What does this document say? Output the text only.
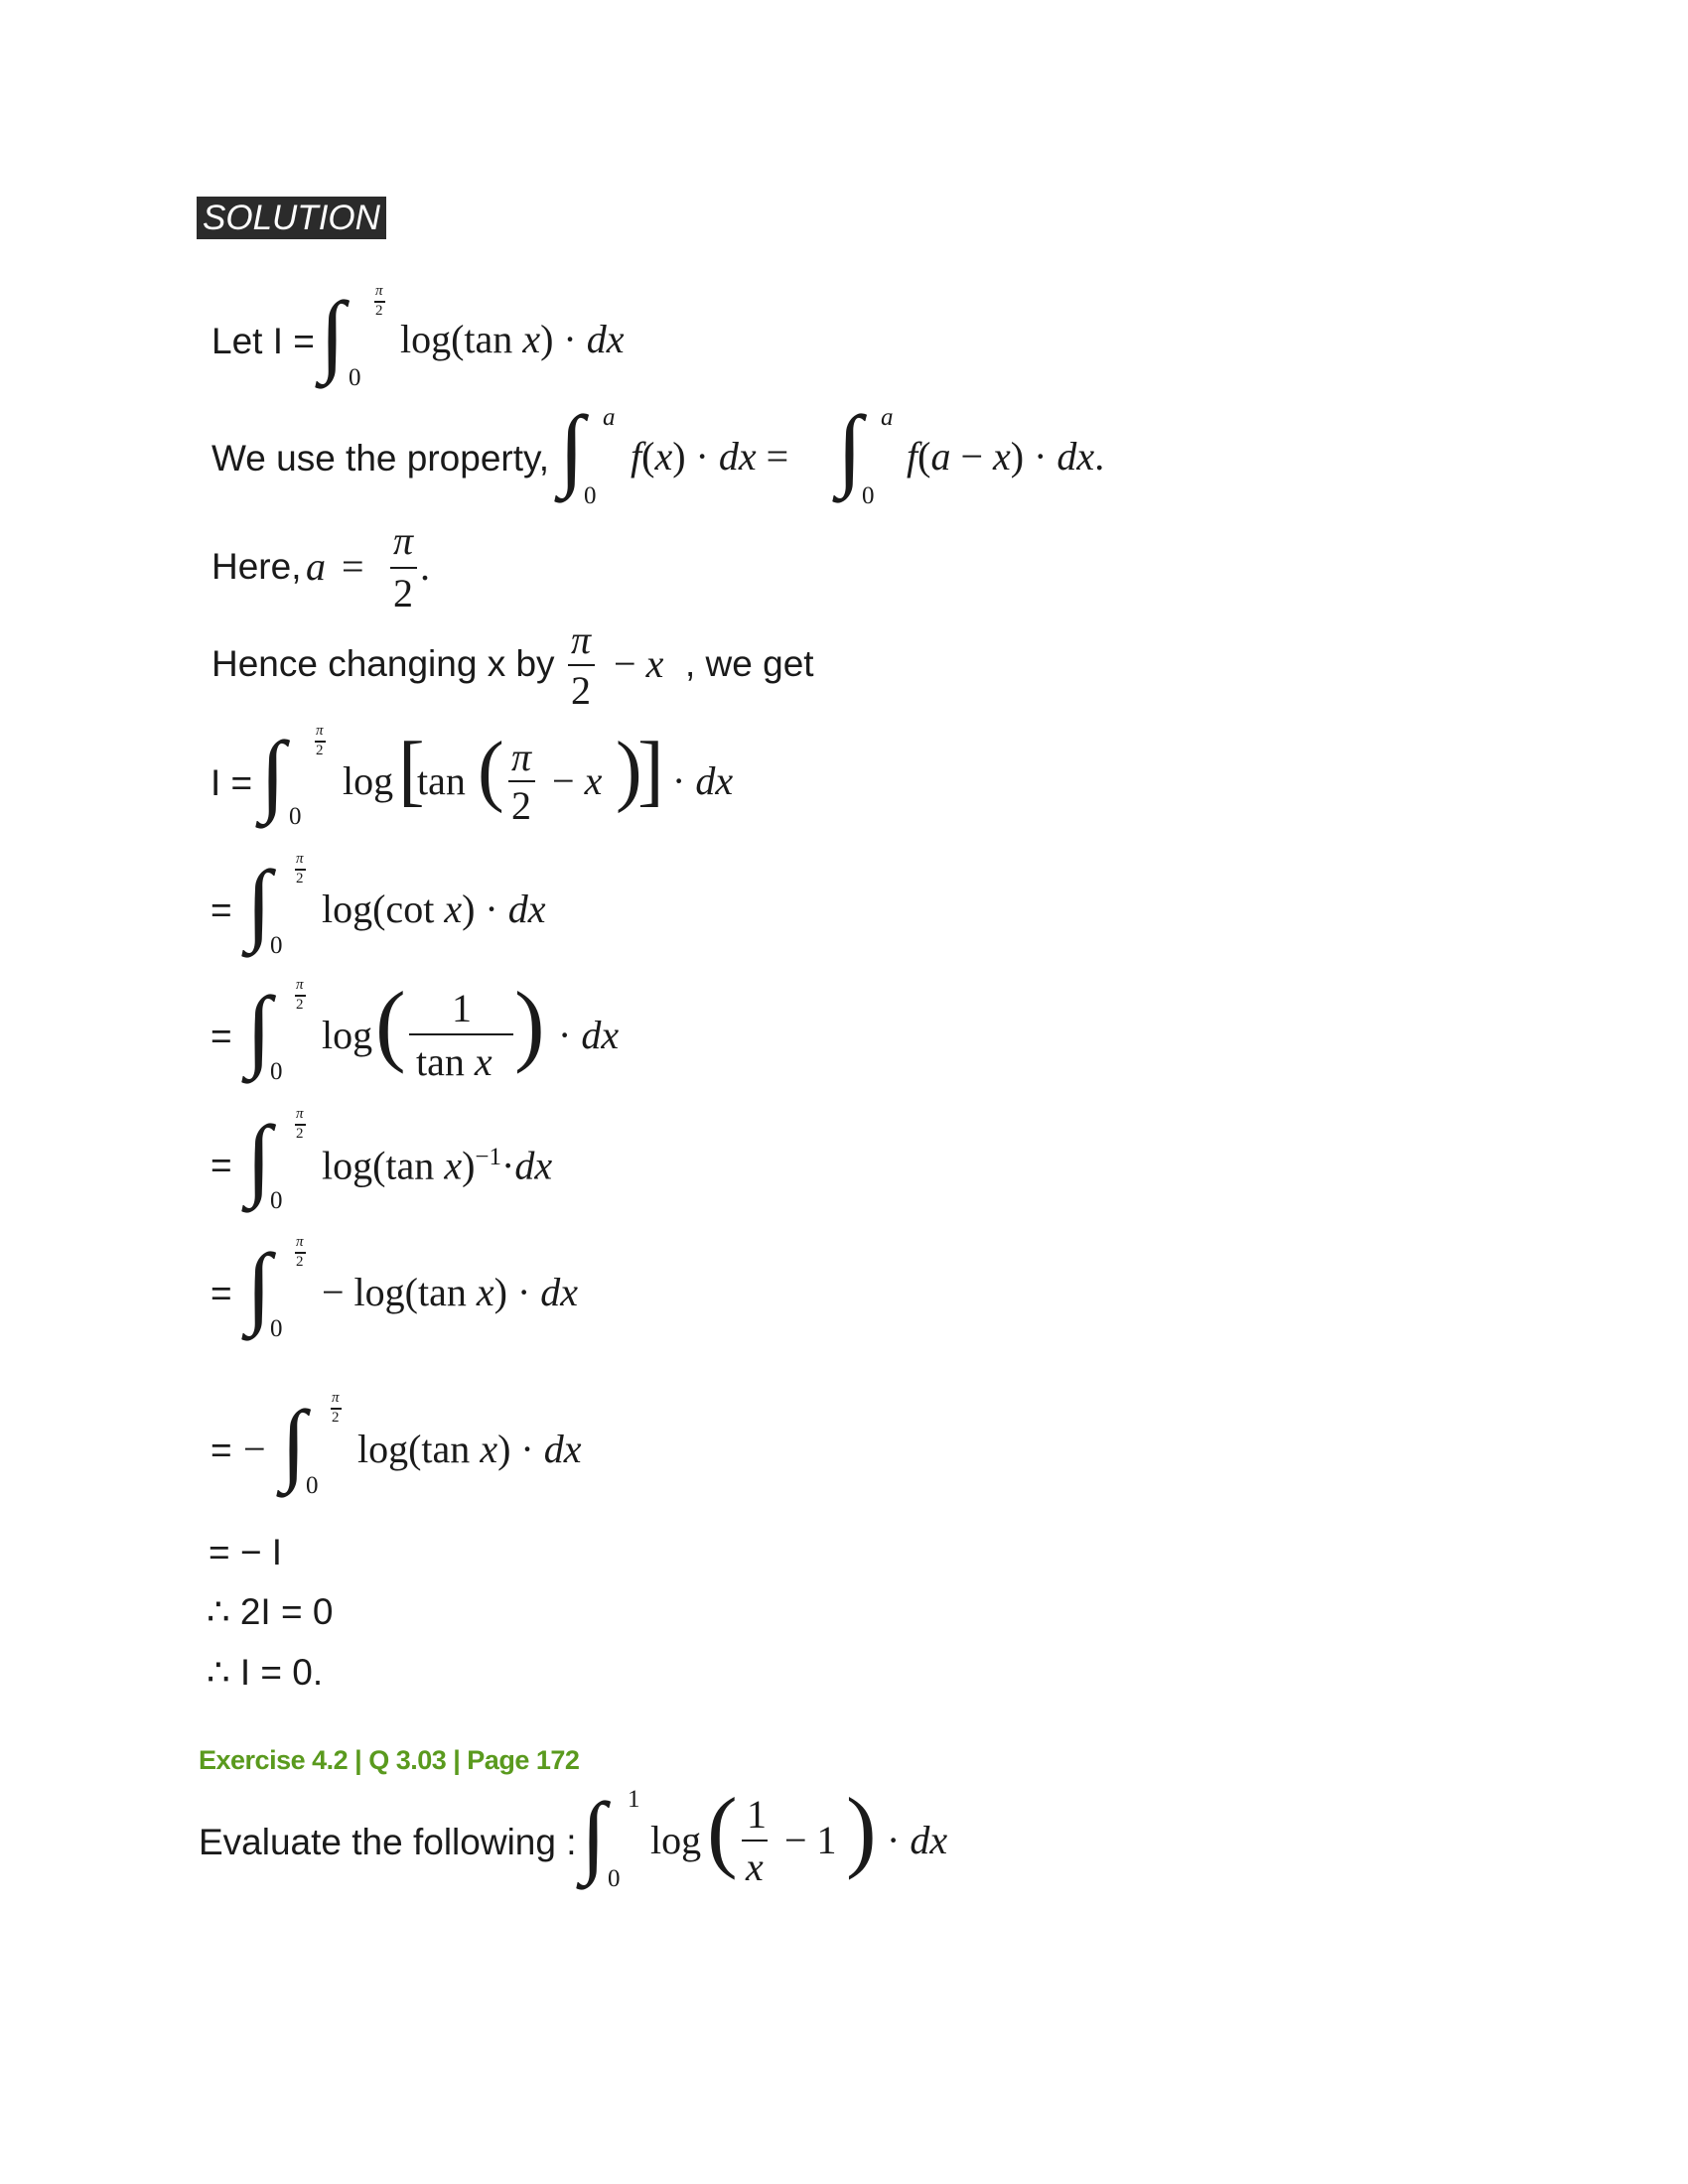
SOLUTION
Let I = ∫ π
2
0
log(tan x) · dx
We use the property, ∫ a
0
f(x) · dx = ∫ a
0
f(a − x) · dx.
Here, a =
π
2
.
Hence changing x by
π
2
− x , we get
I = ∫ π
2
0
log [
tan ( π
2
− x )
] · dx
= ∫ π
2
0
log(cot x) · dx
= ∫ π
2
0
log ( 1
tan x ) · dx
= ∫ π
2
0
log(tan x)$^{-1}$·dx
= ∫ π
2
0
− log(tan x) · dx
= − ∫ π
2
0
log(tan x) · dx
= − I
∴ 2I = 0
∴ I = 0.
Exercise 4.2 | Q 3.03 | Page 172
Evaluate the following : ∫ 1
0
log ( 1
x
− 1 ) · dx
